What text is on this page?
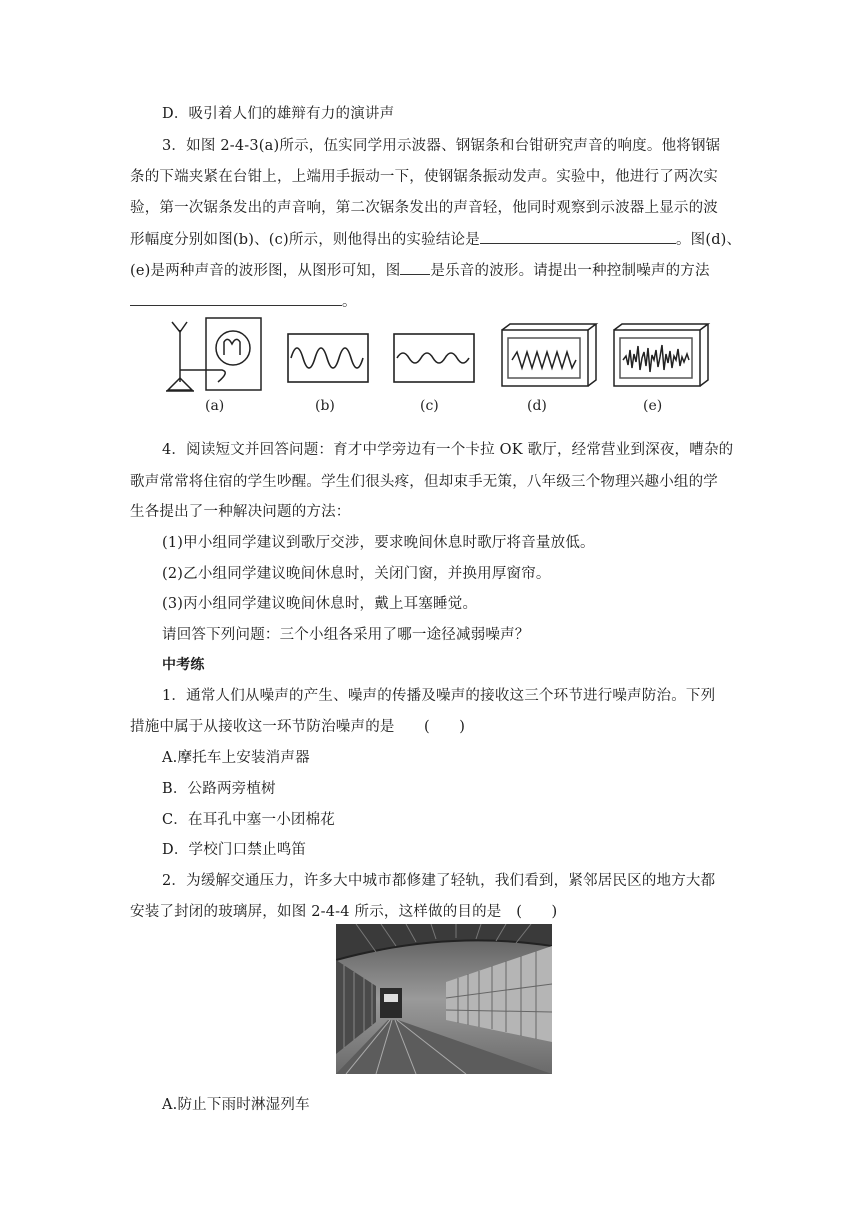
D．吸引着人们的雄辩有力的演讲声
3．如图 2-4-3(a)所示，伍实同学用示波器、钢锯条和台钳研究声音的响度。他将钢锯
条的下端夹紧在台钳上，上端用手振动一下，使钢锯条振动发声。实验中，他进行了两次实
验，第一次锯条发出的声音响，第二次锯条发出的声音轻，他同时观察到示波器上显示的波
形幅度分别如图(b)、(c)所示，则他得出的实验结论是	。图(d)、
(e)是两种声音的波形图，从图形可知，图 是乐音的波形。请提出一种控制噪声的方法
。
(a)	(b)	(c)	(d)	(e)
4．阅读短文并回答问题：育才中学旁边有一个卡拉 OK 歌厅，经常营业到深夜，嘈杂的
歌声常常将住宿的学生吵醒。学生们很头疼，但却束手无策，八年级三个物理兴趣小组的学
生各提出了一种解决问题的方法：
(1)甲小组同学建议到歌厅交涉，要求晚间休息时歌厅将音量放低。
(2)乙小组同学建议晚间休息时，关闭门窗，并换用厚窗帘。
(3)丙小组同学建议晚间休息时，戴上耳塞睡觉。
请回答下列问题：三个小组各采用了哪一途径减弱噪声？
中考练
1．通常人们从噪声的产生、噪声的传播及噪声的接收这三个环节进行噪声防治。下列
措施中属于从接收这一环节防治噪声的是　　(　　)
A.摩托车上安装消声器
B．公路两旁植树
C．在耳孔中塞一小团棉花
D．学校门口禁止鸣笛
2．为缓解交通压力，许多大中城市都修建了轻轨，我们看到，紧邻居民区的地方大都
安装了封闭的玻璃屏，如图 2-4-4 所示，这样做的目的是　(　　)
A.防止下雨时淋湿列车
